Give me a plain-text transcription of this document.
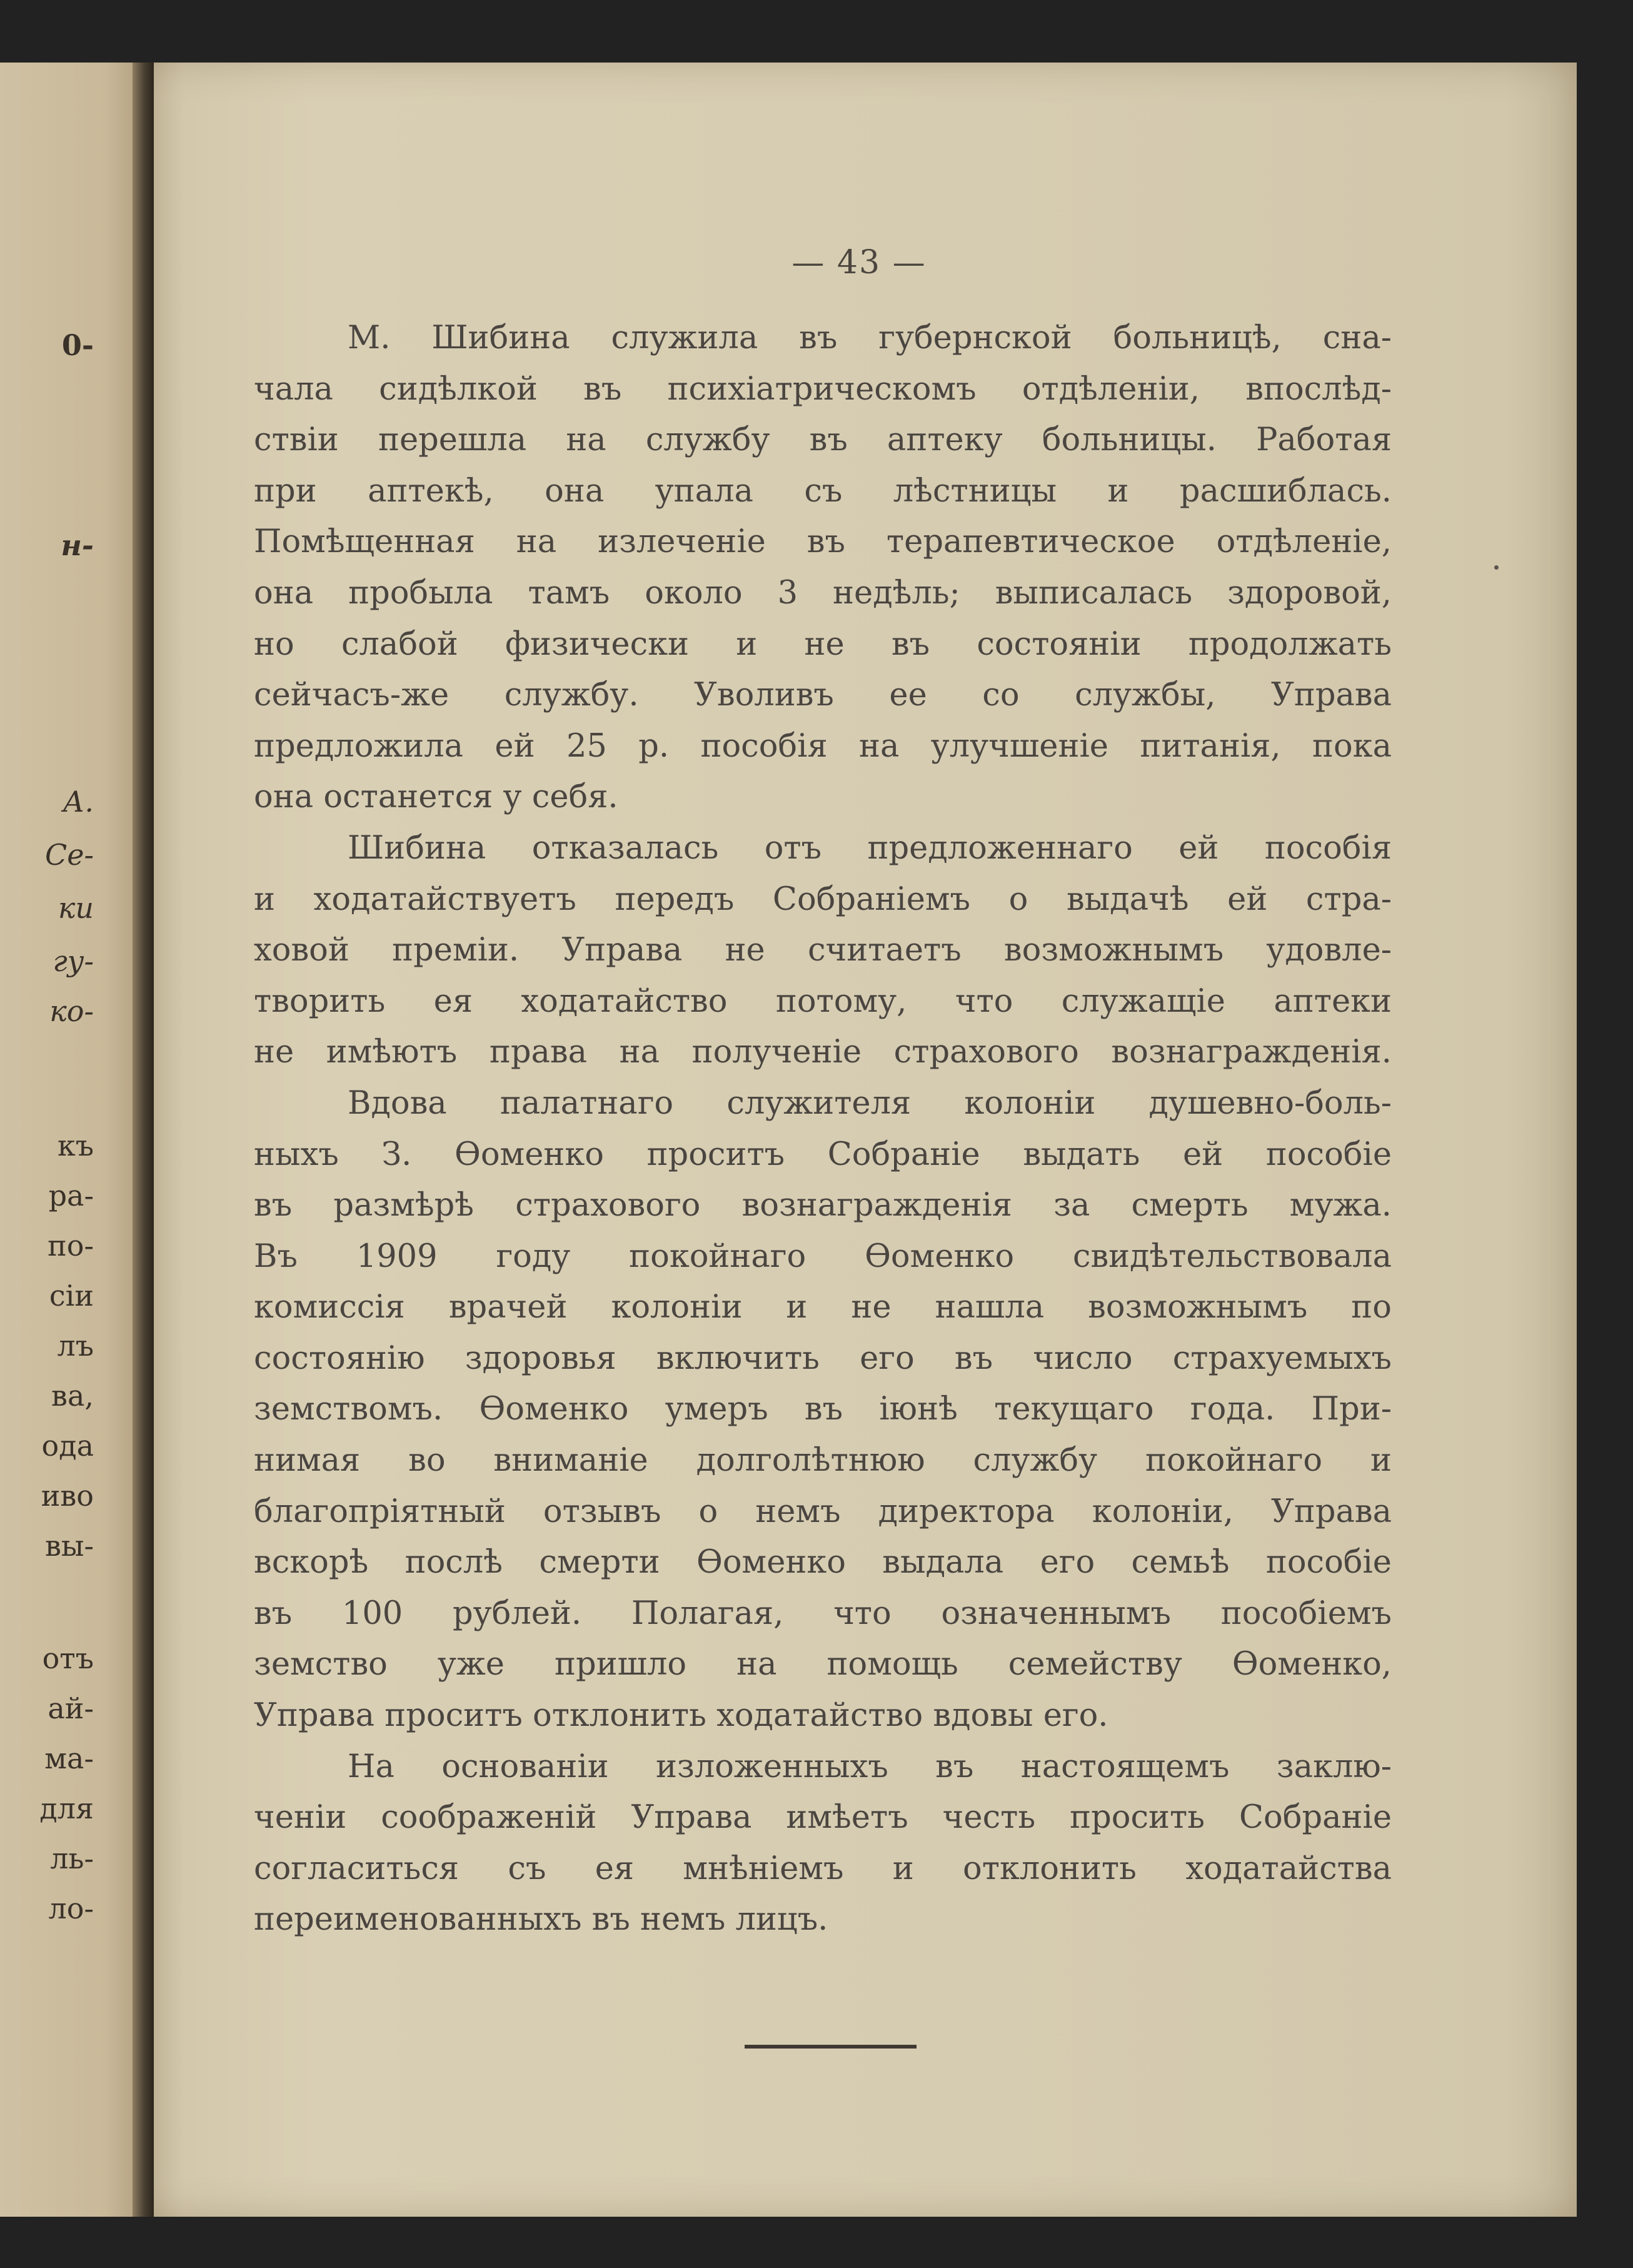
0-
н-
А.
Се-
ки
гу-
ко-
къ
ра-
по-
сіи
лъ
ва,
ода
иво
вы-
отъ
ай-
ма-
для
ль-
ло-
— 43 —
М. Шибина служила въ губернской больницѣ, сна-
чала сидѣлкой въ психіатрическомъ отдѣленіи, впослѣд-
ствіи перешла на службу въ аптеку больницы. Работая
при аптекѣ, она упала съ лѣстницы и расшиблась.
Помѣщенная на излеченіе въ терапевтическое отдѣленіе,
она пробыла тамъ около 3 недѣль; выписалась здоровой,
но слабой физически и не въ состояніи продолжать
сейчасъ-же службу. Уволивъ ее со службы, Управа
предложила ей 25 р. пособія на улучшеніе питанія, пока
она останется у себя.
Шибина отказалась отъ предложеннаго ей пособія
и ходатайствуетъ передъ Собраніемъ о выдачѣ ей стра-
ховой преміи. Управа не считаетъ возможнымъ удовле-
творить ея ходатайство потому, что служащіе аптеки
не имѣютъ права на полученіе страхового вознагражденія.
Вдова палатнаго служителя колоніи душевно-боль-
ныхъ З. Өоменко проситъ Собраніе выдать ей пособіе
въ размѣрѣ страхового вознагражденія за смерть мужа.
Въ 1909 году покойнаго Өоменко свидѣтельствовала
комиссія врачей колоніи и не нашла возможнымъ по
состоянію здоровья включить его въ число страхуемыхъ
земствомъ. Өоменко умеръ въ іюнѣ текущаго года. При-
нимая во вниманіе долголѣтнюю службу покойнаго и
благопріятный отзывъ о немъ директора колоніи, Управа
вскорѣ послѣ смерти Өоменко выдала его семьѣ пособіе
въ 100 рублей. Полагая, что означеннымъ пособіемъ
земство уже пришло на помощь семейству Өоменко,
Управа проситъ отклонить ходатайство вдовы его.
На основаніи изложенныхъ въ настоящемъ заклю-
ченіи соображеній Управа имѣетъ честь просить Собраніе
согласиться съ ея мнѣніемъ и отклонить ходатайства
переименованныхъ въ немъ лицъ.
